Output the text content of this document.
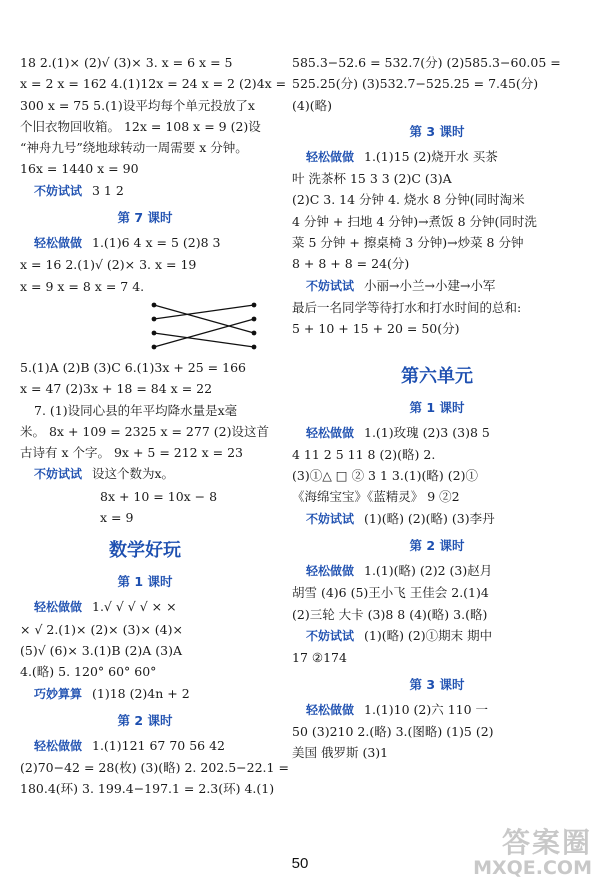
18 2.(1)× (2)√ (3)× 3. x = 6 x = 5
x = 2 x = 162 4.(1)12x = 24 x = 2 (2)4x =
300 x = 75 5.(1)设平均每个单元投放了x
个旧衣物回收箱。 12x = 108 x = 9 (2)设
“神舟九号”绕地球转动一周需要 x 分钟。
16x = 1440 x = 90
不妨试试 3 1 2
第 7 课时
轻松做做 1.(1)6 4 x = 5 (2)8 3
x = 16 2.(1)√ (2)× 3. x = 19
x = 9 x = 8 x = 7 4.
5.(1)A (2)B (3)C 6.(1)3x + 25 = 166
x = 47 (2)3x + 18 = 84 x = 22
7. (1)设同心县的年平均降水量是x毫
米。 8x + 109 = 2325 x = 277 (2)设这首
古诗有 x 个字。 9x + 5 = 212 x = 23
不妨试试 设这个数为x。
8x + 10 = 10x − 8
x = 9
数学好玩
第 1 课时
轻松做做 1.√ √ √ √ × ×
× √ 2.(1)× (2)× (3)× (4)×
(5)√ (6)× 3.(1)B (2)A (3)A
4.(略) 5. 120° 60° 60°
巧妙算算 (1)18 (2)4n + 2
第 2 课时
轻松做做 1.(1)121 67 70 56 42
(2)70−42 = 28(枚) (3)(略) 2. 202.5−22.1 =
180.4(环) 3. 199.4−197.1 = 2.3(环) 4.(1)
585.3−52.6 = 532.7(分) (2)585.3−60.05 =
525.25(分) (3)532.7−525.25 = 7.45(分)
(4)(略)
第 3 课时
轻松做做 1.(1)15 (2)烧开水 买茶
叶 洗茶杯 15 3 3 (2)C (3)A
(2)C 3. 14 分钟 4. 烧水 8 分钟(同时淘米
4 分钟 + 扫地 4 分钟)→煮饭 8 分钟(同时洗
菜 5 分钟 + 擦桌椅 3 分钟)→炒菜 8 分钟
8 + 8 + 8 = 24(分)
不妨试试 小丽→小兰→小建→小军
最后一名同学等待打水和打水时间的总和:
5 + 10 + 15 + 20 = 50(分)
第六单元
第 1 课时
轻松做做 1.(1)玫瑰 (2)3 (3)8 5
4 11 2 5 11 8 (2)(略) 2.
(3)①△ □ ② 3 1 3.(1)(略) (2)①
《海绵宝宝》《蓝精灵》 9 ②2
不妨试试 (1)(略) (2)(略) (3)李丹
第 2 课时
轻松做做 1.(1)(略) (2)2 (3)赵月
胡雪 (4)6 (5)王小飞 王佳会 2.(1)4
(2)三轮 大卡 (3)8 8 (4)(略) 3.(略)
不妨试试 (1)(略) (2)①期末 期中
17 ②174
第 3 课时
轻松做做 1.(1)10 (2)六 110 一
50 (3)210 2.(略) 3.(图略) (1)5 (2)
美国 俄罗斯 (3)1
50
答案圈
MXQE.COM
